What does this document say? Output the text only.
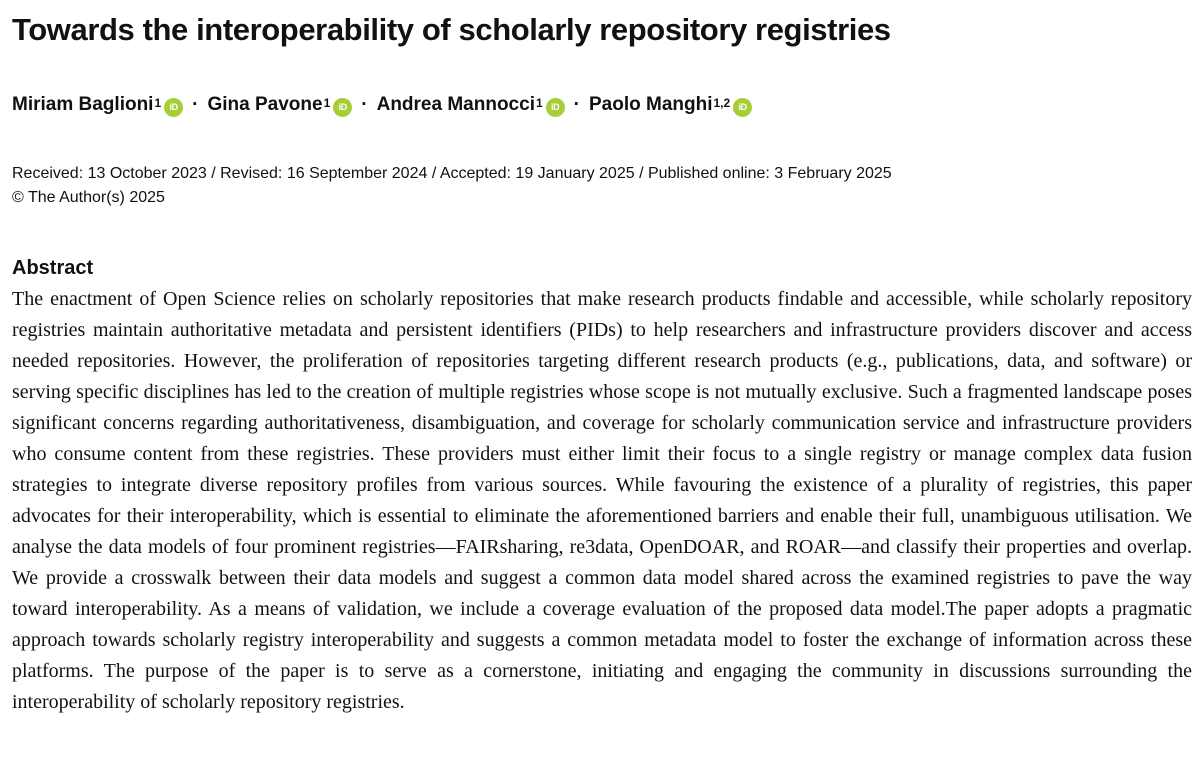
Towards the interoperability of scholarly repository registries
Miriam Baglioni$^1$ iD · Gina Pavone$^1$ iD · Andrea Mannocci$^1$ iD · Paolo Manghi$^{1,2}$ iD
Received: 13 October 2023 / Revised: 16 September 2024 / Accepted: 19 January 2025 / Published online: 3 February 2025
© The Author(s) 2025
Abstract

The enactment of Open Science relies on scholarly repositories that make research products findable and accessible, while scholarly repository registries maintain authoritative metadata and persistent identifiers (PIDs) to help researchers and infrastructure providers discover and access needed repositories. However, the proliferation of repositories targeting different research products (e.g., publications, data, and software) or serving specific disciplines has led to the creation of multiple registries whose scope is not mutually exclusive. Such a fragmented landscape poses significant concerns regarding authoritativeness, disambiguation, and coverage for scholarly communication service and infrastructure providers who consume content from these registries. These providers must either limit their focus to a single registry or manage complex data fusion strategies to integrate diverse repository profiles from various sources. While favouring the existence of a plurality of registries, this paper advocates for their interoperability, which is essential to eliminate the aforementioned barriers and enable their full, unambiguous utilisation. We analyse the data models of four prominent registries—FAIRsharing, re3data, OpenDOAR, and ROAR—and classify their properties and overlap. We provide a crosswalk between their data models and suggest a common data model shared across the examined registries to pave the way toward interoperability. As a means of validation, we include a coverage evaluation of the proposed data model.The paper adopts a pragmatic approach towards scholarly registry interoperability and suggests a common metadata model to foster the exchange of information across these platforms. The purpose of the paper is to serve as a cornerstone, initiating and engaging the community in discussions surrounding the interoperability of scholarly repository registries.
